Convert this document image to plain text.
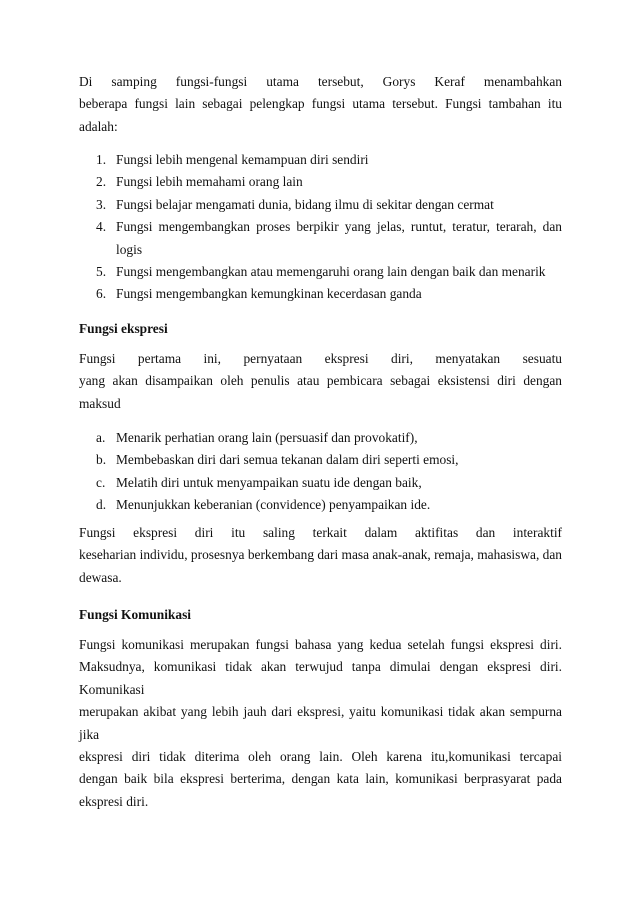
Di samping fungsi-fungsi utama tersebut, Gorys Keraf menambahkan
beberapa fungsi lain sebagai pelengkap fungsi utama tersebut. Fungsi tambahan itu
adalah:

1. Fungsi lebih mengenal kemampuan diri sendiri
2. Fungsi lebih memahami orang lain
3. Fungsi belajar mengamati dunia, bidang ilmu di sekitar dengan cermat
4. Fungsi mengembangkan proses berpikir yang jelas, runtut, teratur, terarah, dan
logis
5. Fungsi mengembangkan atau memengaruhi orang lain dengan baik dan menarik
6. Fungsi mengembangkan kemungkinan kecerdasan ganda
Fungsi ekspresi

Fungsi pertama ini, pernyataan ekspresi diri, menyatakan sesuatu
yang akan disampaikan oleh penulis atau pembicara sebagai eksistensi diri dengan
maksud

a. Menarik perhatian orang lain (persuasif dan provokatif),
b. Membebaskan diri dari semua tekanan dalam diri seperti emosi,
c. Melatih diri untuk menyampaikan suatu ide dengan baik,
d. Menunjukkan keberanian (convidence) penyampaikan ide.

Fungsi ekspresi diri itu saling terkait dalam aktifitas dan interaktif
keseharian individu, prosesnya berkembang dari masa anak-anak, remaja, mahasiswa, dan
dewasa.

Fungsi Komunikasi

Fungsi komunikasi merupakan fungsi bahasa yang kedua setelah fungsi ekspresi diri.
Maksudnya, komunikasi tidak akan terwujud tanpa dimulai dengan ekspresi diri. Komunikasi
merupakan akibat yang lebih jauh dari ekspresi, yaitu komunikasi tidak akan sempurna jika
ekspresi diri tidak diterima oleh orang lain. Oleh karena itu,komunikasi tercapai
dengan baik bila ekspresi berterima, dengan kata lain, komunikasi berprasyarat pada
ekspresi diri.
